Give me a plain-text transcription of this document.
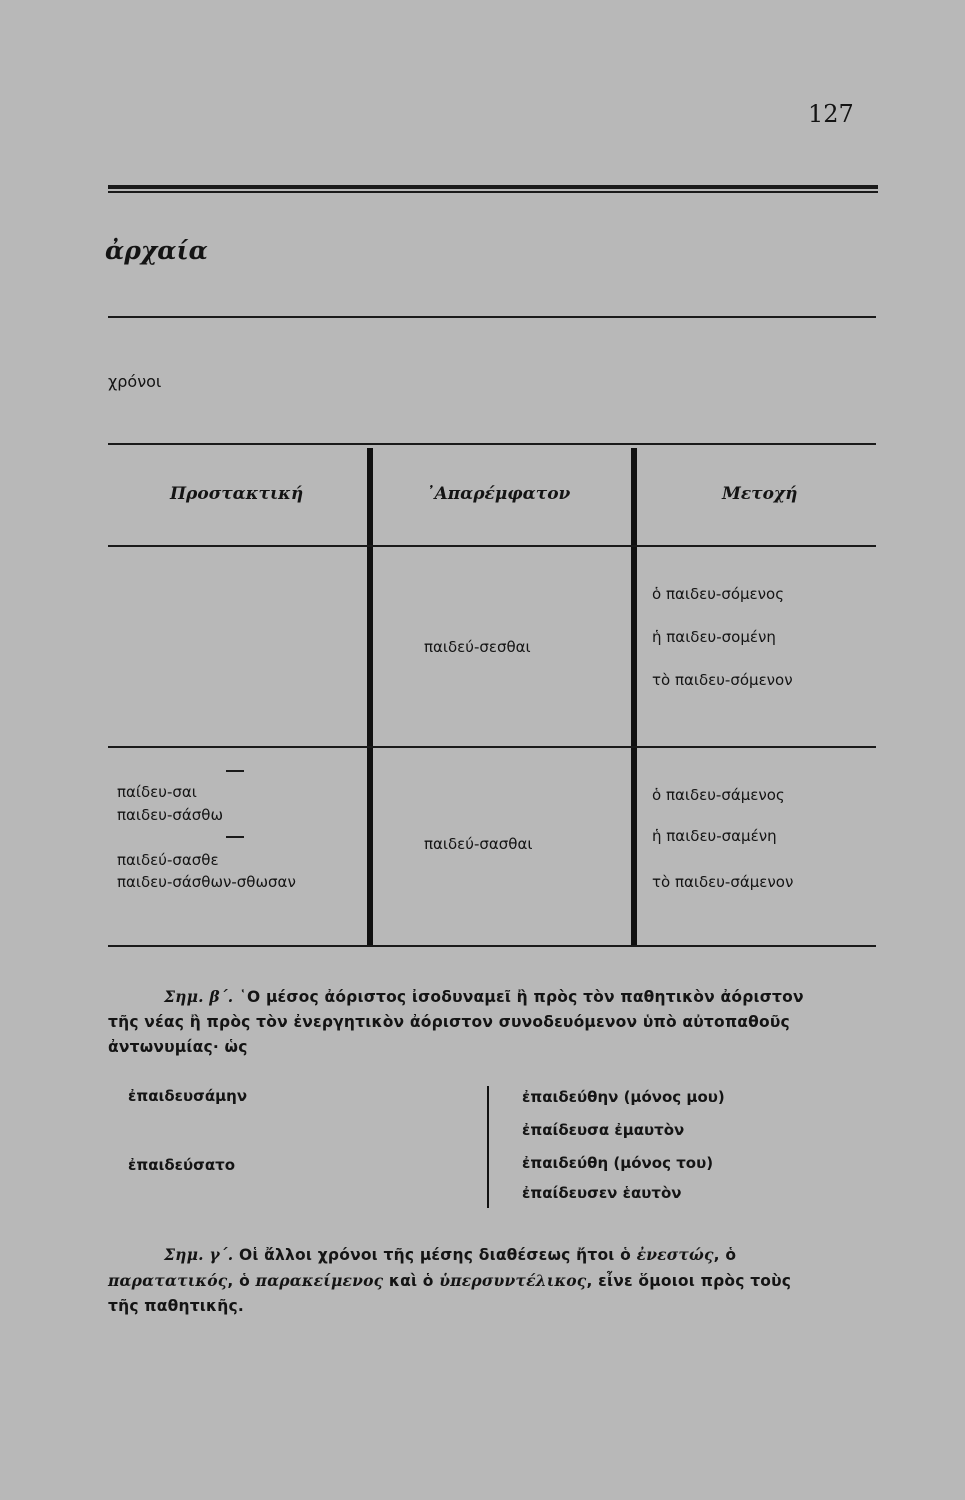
127
ἀρχαία
χρόνοι
Προστακτική	᾿Απαρέμφατον	Μετοχή
παιδεύ-σεσθαι
ὁ παιδευ-σόμενος
ἡ παιδευ-σομένη
τὸ παιδευ-σόμενον
παίδευ-σαι
παιδευ-σάσθω
παιδεύ-σασθε
παιδευ-σάσθων-σθωσαν
παιδεύ-σασθαι
ὁ παιδευ-σάμενος
ἡ παιδευ-σαμένη
τὸ παιδευ-σάμενον
Σημ. β΄. ῾Ο μέσος ἀόριστος ἰσοδυναμεῖ ἢ πρὸς τὸν παθητικὸν ἀόριστον
τῆς νέας ἢ πρὸς τὸν ἐνεργητικὸν ἀόριστον συνοδευόμενον ὑπὸ αὐτοπαθοῦς
ἀντωνυμίας· ὡς
ἐπαιδευσάμην
ἐπαιδεύσατο
ἐπαιδεύθην (μόνος μου)
ἐπαίδευσα ἐμαυτὸν
ἐπαιδεύθη (μόνος του)
ἐπαίδευσεν ἑαυτὸν
Σημ. γ΄. Οἱ ἄλλοι χρόνοι τῆς μέσης διαθέσεως ἤτοι ὁ ἐνεστώς, ὁ
παρατατικός, ὁ παρακείμενος καὶ ὁ ὑπερσυντέλικος, εἶνε ὅμοιοι πρὸς τοὺς
τῆς παθητικῆς.
